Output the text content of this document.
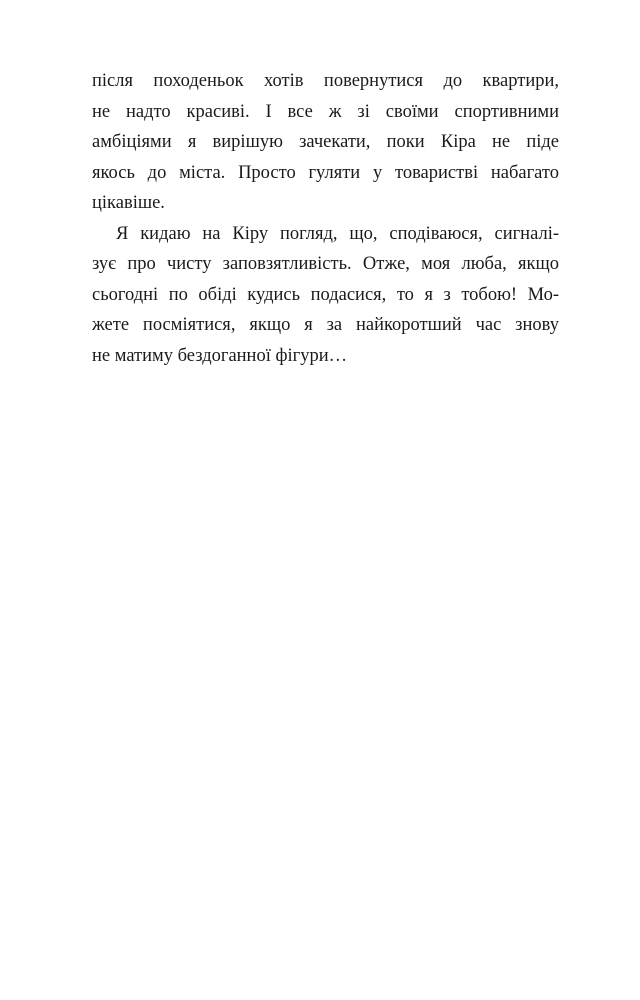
після походеньок хотів повернутися до квартири,
не надто красиві. І все ж зі своїми спортивними
амбіціями я вирішую зачекати, поки Кіра не піде
якось до міста. Просто гуляти у товаристві набагато
цікавіше.
Я кидаю на Кіру погляд, що, сподіваюся, сигналі-
зує про чисту заповзятливість. Отже, моя люба, якщо
сьогодні по обіді кудись подасися, то я з тобою! Мо-
жете посміятися, якщо я за найкоротший час знову
не матиму бездоганної фігури…
